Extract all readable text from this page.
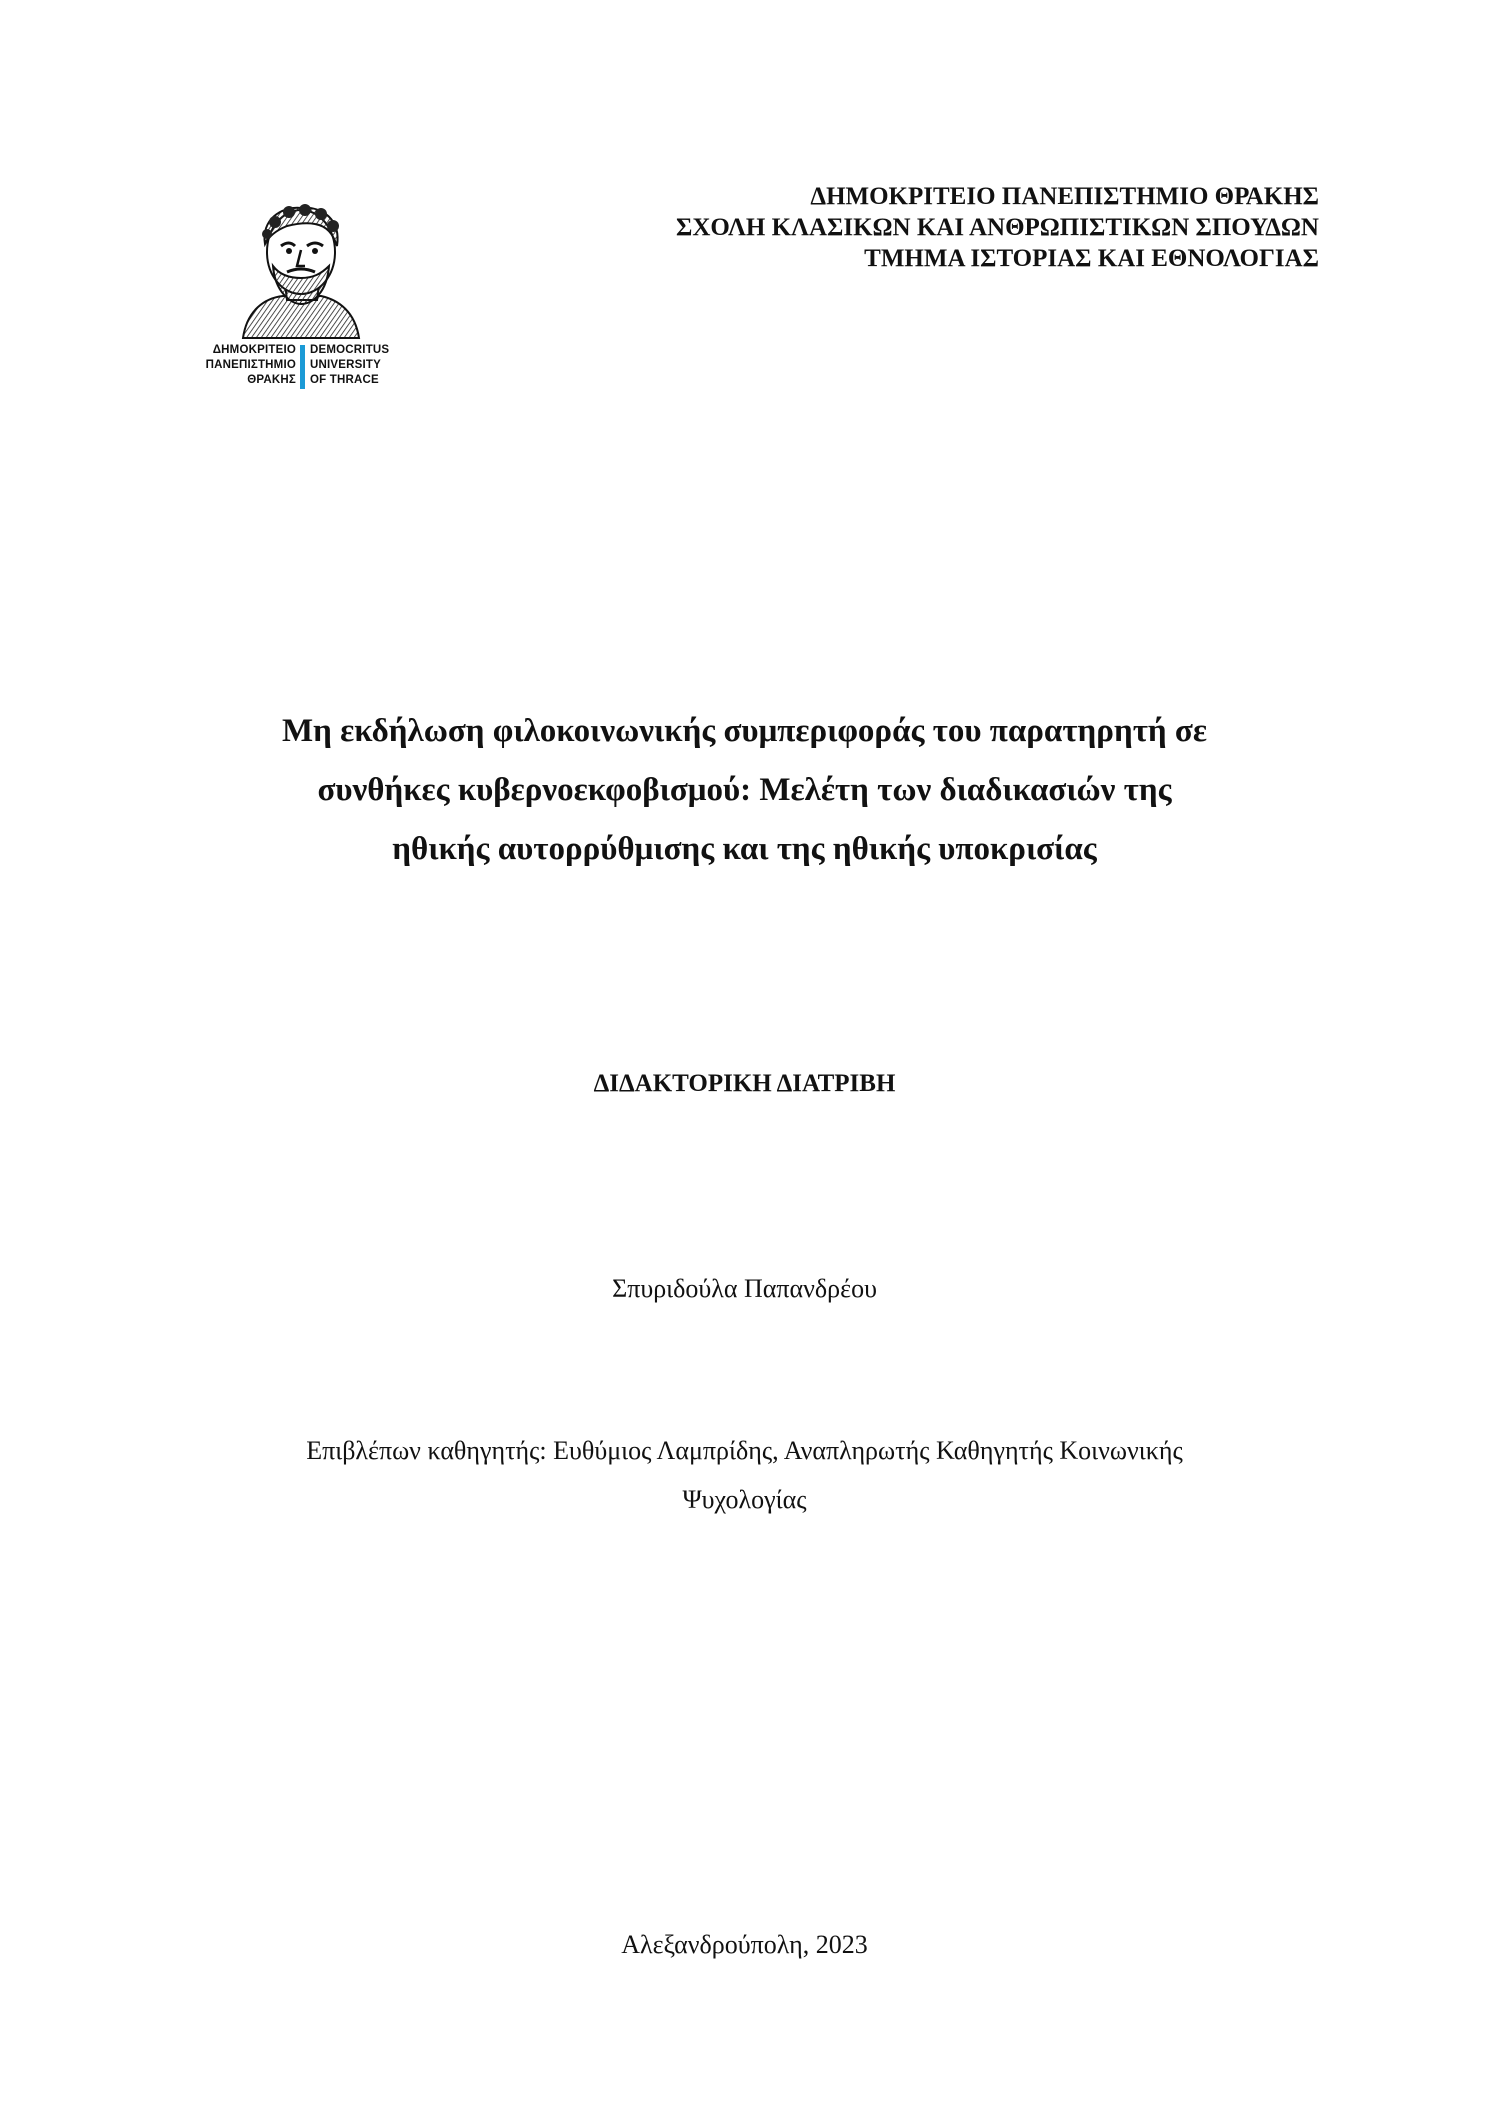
ΔΗΜΟΚΡΙΤΕΙΟ
ΠΑΝΕΠΙΣΤΗΜΙΟ
ΘΡΑΚΗΣ
DEMOCRITUS
UNIVERSITY
OF THRACE
ΔΗΜΟΚΡΙΤΕΙΟ ΠΑΝΕΠΙΣΤΗΜΙΟ ΘΡΑΚΗΣ
ΣΧΟΛΗ ΚΛΑΣΙΚΩΝ ΚΑΙ ΑΝΘΡΩΠΙΣΤΙΚΩΝ ΣΠΟΥΔΩΝ
ΤΜΗΜΑ ΙΣΤΟΡΙΑΣ ΚΑΙ ΕΘΝΟΛΟΓΙΑΣ
Μη εκδήλωση φιλοκοινωνικής συμπεριφοράς του παρατηρητή σε
συνθήκες κυβερνοεκφοβισμού: Μελέτη των διαδικασιών της
ηθικής αυτορρύθμισης και της ηθικής υποκρισίας
ΔΙΔΑΚΤΟΡΙΚΗ ΔΙΑΤΡΙΒΗ
Σπυριδούλα Παπανδρέου
Επιβλέπων καθηγητής: Ευθύμιος Λαμπρίδης, Αναπληρωτής Καθηγητής Κοινωνικής
Ψυχολογίας
Αλεξανδρούπολη, 2023
